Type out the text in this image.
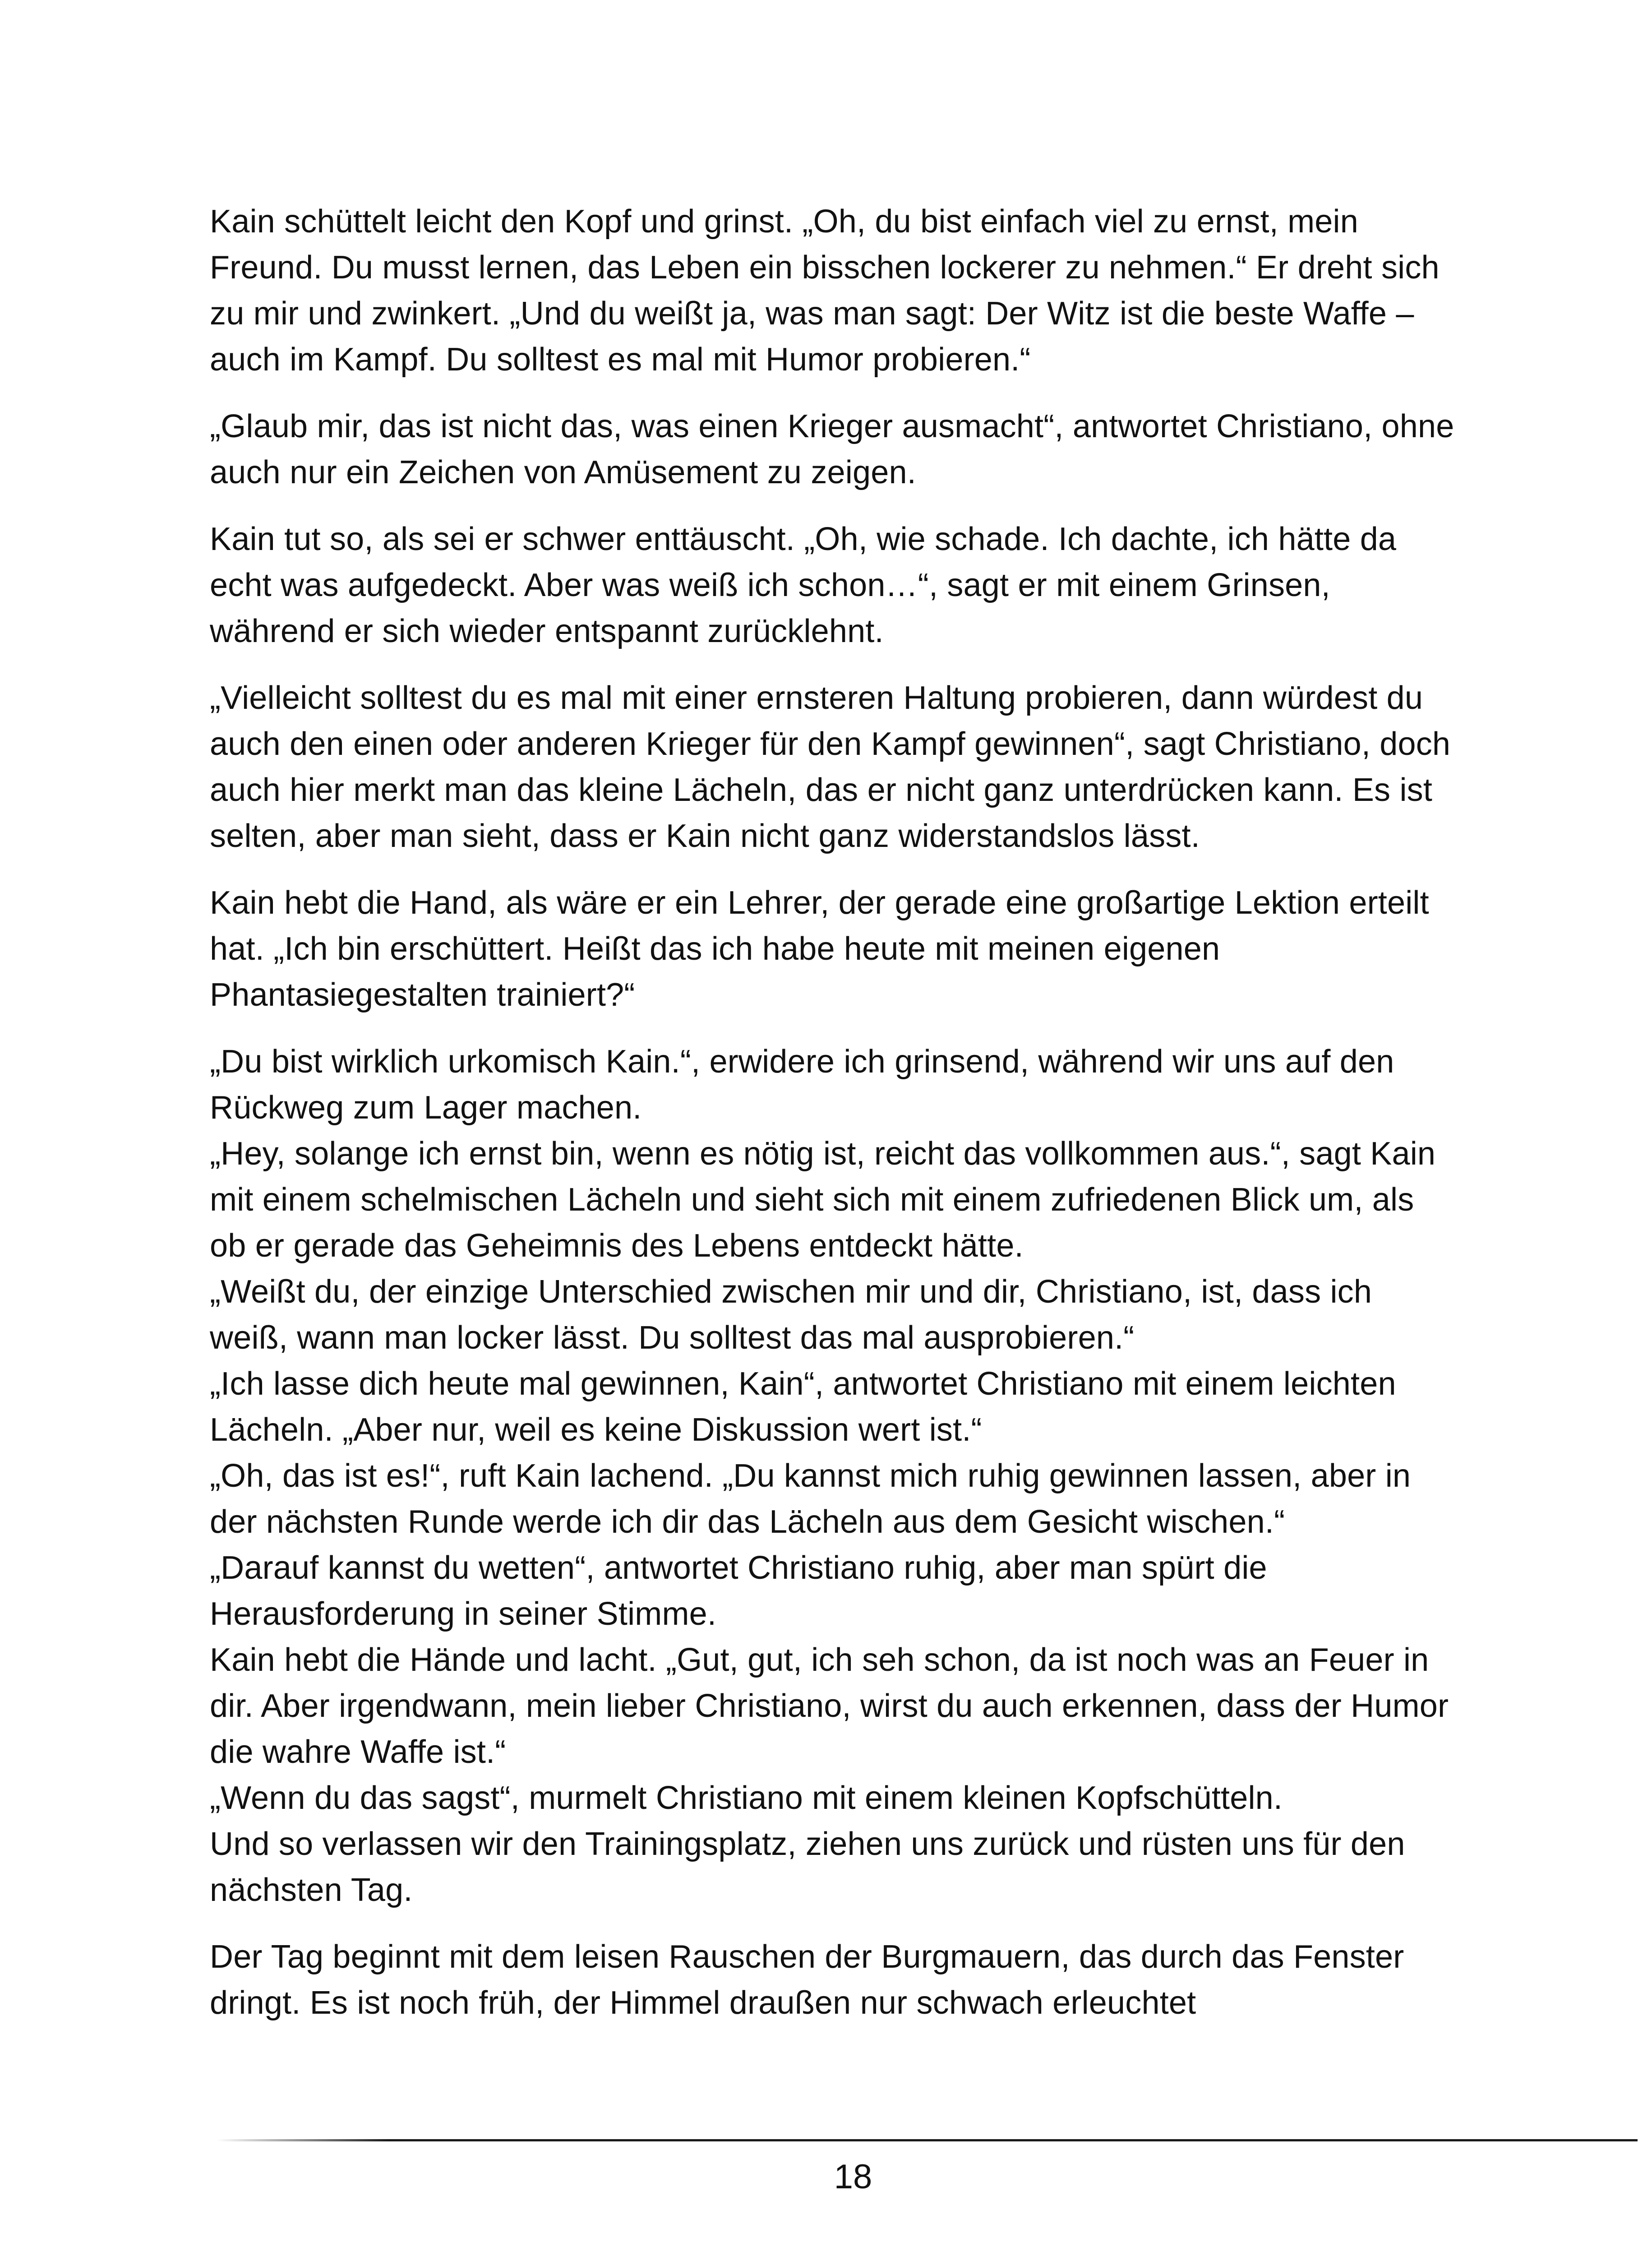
Kain schüttelt leicht den Kopf und grinst. „Oh, du bist einfach viel zu ernst, mein Freund. Du musst lernen, das Leben ein bisschen lockerer zu nehmen.“ Er dreht sich zu mir und zwinkert. „Und du weißt ja, was man sagt: Der Witz ist die beste Waffe – auch im Kampf. Du solltest es mal mit Humor probieren.“

„Glaub mir, das ist nicht das, was einen Krieger ausmacht“, antwortet Christiano, ohne auch nur ein Zeichen von Amüsement zu zeigen.

Kain tut so, als sei er schwer enttäuscht. „Oh, wie schade. Ich dachte, ich hätte da echt was aufgedeckt. Aber was weiß ich schon…“, sagt er mit einem Grinsen, während er sich wieder entspannt zurücklehnt.

„Vielleicht solltest du es mal mit einer ernsteren Haltung probieren, dann würdest du auch den einen oder anderen Krieger für den Kampf gewinnen“, sagt Christiano, doch auch hier merkt man das kleine Lächeln, das er nicht ganz unterdrücken kann. Es ist selten, aber man sieht, dass er Kain nicht ganz widerstandslos lässt.

Kain hebt die Hand, als wäre er ein Lehrer, der gerade eine großartige Lektion erteilt hat. „Ich bin erschüttert. Heißt das ich habe heute mit meinen eigenen Phantasiegestalten trainiert?“

„Du bist wirklich urkomisch Kain.“, erwidere ich grinsend, während wir uns auf den Rückweg zum Lager machen.

„Hey, solange ich ernst bin, wenn es nötig ist, reicht das vollkommen aus.“, sagt Kain mit einem schelmischen Lächeln und sieht sich mit einem zufriedenen Blick um, als ob er gerade das Geheimnis des Lebens entdeckt hätte.

„Weißt du, der einzige Unterschied zwischen mir und dir, Christiano, ist, dass ich weiß, wann man locker lässt. Du solltest das mal ausprobieren.“

„Ich lasse dich heute mal gewinnen, Kain“, antwortet Christiano mit einem leichten Lächeln. „Aber nur, weil es keine Diskussion wert ist.“

„Oh, das ist es!“, ruft Kain lachend. „Du kannst mich ruhig gewinnen lassen, aber in der nächsten Runde werde ich dir das Lächeln aus dem Gesicht wischen.“

„Darauf kannst du wetten“, antwortet Christiano ruhig, aber man spürt die Herausforderung in seiner Stimme.

Kain hebt die Hände und lacht. „Gut, gut, ich seh schon, da ist noch was an Feuer in dir. Aber irgendwann, mein lieber Christiano, wirst du auch erkennen, dass der Humor die wahre Waffe ist.“

„Wenn du das sagst“, murmelt Christiano mit einem kleinen Kopfschütteln.

Und so verlassen wir den Trainingsplatz, ziehen uns zurück und rüsten uns für den nächsten Tag.

Der Tag beginnt mit dem leisen Rauschen der Burgmauern, das durch das Fenster dringt. Es ist noch früh, der Himmel draußen nur schwach erleuchtet

18
